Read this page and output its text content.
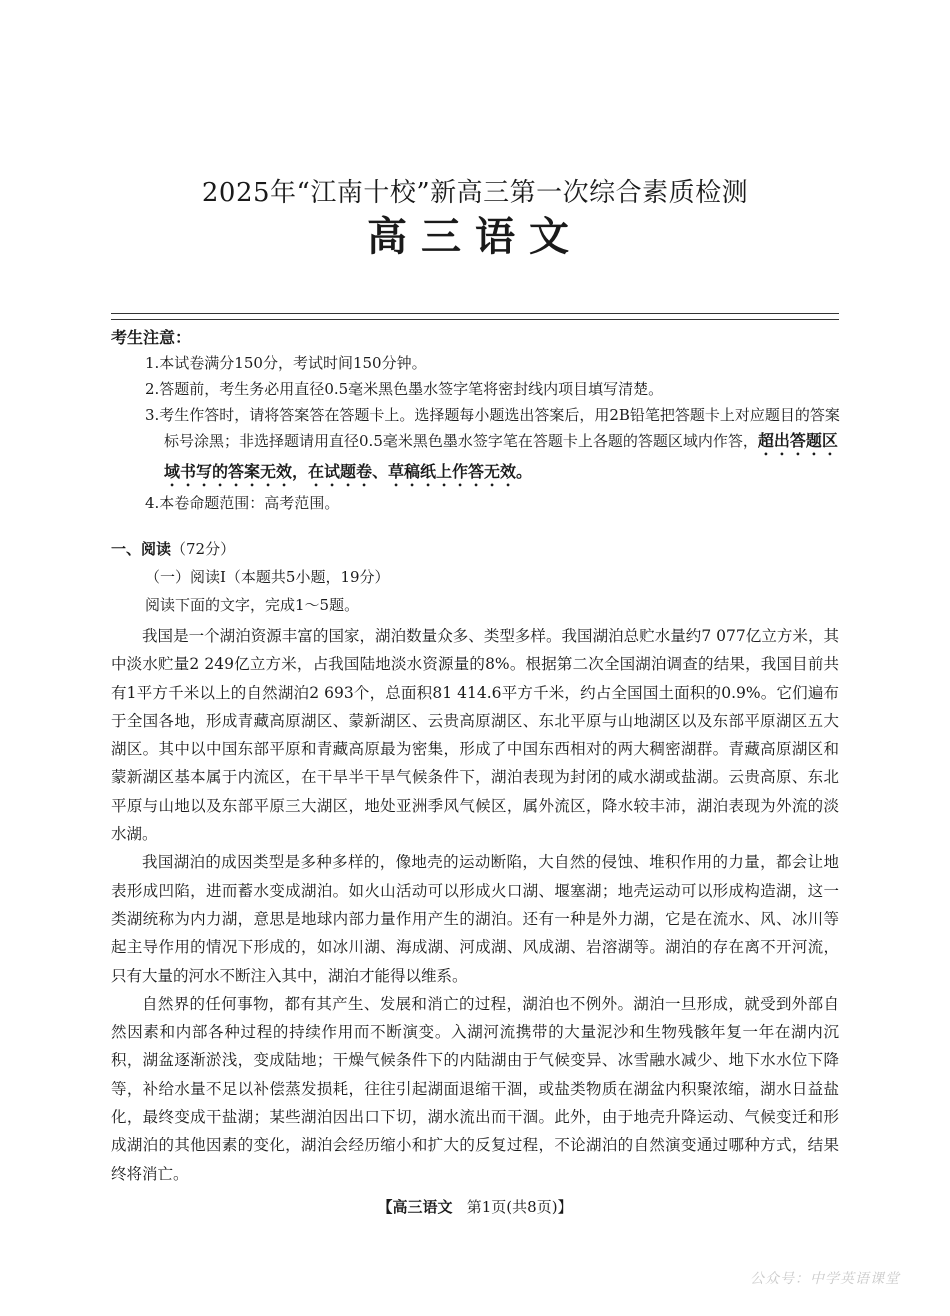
2025年“江南十校”新高三第一次综合素质检测
高三语文
考生注意：
1.本试卷满分150分，考试时间150分钟。
2.答题前，考生务必用直径0.5毫米黑色墨水签字笔将密封线内项目填写清楚。
3.考生作答时，请将答案答在答题卡上。选择题每小题选出答案后，用2B铅笔把答题卡上对应题目的答案标号涂黑；非选择题请用直径0.5毫米黑色墨水签字笔在答题卡上各题的答题区域内作答，超出答题区域书写的答案无效，在试题卷、草稿纸上作答无效。
4.本卷命题范围：高考范围。
一、阅读（72分）
（一）阅读Ⅰ（本题共5小题，19分）
阅读下面的文字，完成1～5题。

我国是一个湖泊资源丰富的国家，湖泊数量众多、类型多样。我国湖泊总贮水量约7 077亿立方米，其中淡水贮量2 249亿立方米，占我国陆地淡水资源量的8%。根据第二次全国湖泊调查的结果，我国目前共有1平方千米以上的自然湖泊2 693个，总面积81 414.6平方千米，约占全国国土面积的0.9%。它们遍布于全国各地，形成青藏高原湖区、蒙新湖区、云贵高原湖区、东北平原与山地湖区以及东部平原湖区五大湖区。其中以中国东部平原和青藏高原最为密集，形成了中国东西相对的两大稠密湖群。青藏高原湖区和蒙新湖区基本属于内流区，在干旱半干旱气候条件下，湖泊表现为封闭的咸水湖或盐湖。云贵高原、东北平原与山地以及东部平原三大湖区，地处亚洲季风气候区，属外流区，降水较丰沛，湖泊表现为外流的淡水湖。

我国湖泊的成因类型是多种多样的，像地壳的运动断陷，大自然的侵蚀、堆积作用的力量，都会让地表形成凹陷，进而蓄水变成湖泊。如火山活动可以形成火口湖、堰塞湖；地壳运动可以形成构造湖，这一类湖统称为内力湖，意思是地球内部力量作用产生的湖泊。还有一种是外力湖，它是在流水、风、冰川等起主导作用的情况下形成的，如冰川湖、海成湖、河成湖、风成湖、岩溶湖等。湖泊的存在离不开河流，只有大量的河水不断注入其中，湖泊才能得以维系。

自然界的任何事物，都有其产生、发展和消亡的过程，湖泊也不例外。湖泊一旦形成，就受到外部自然因素和内部各种过程的持续作用而不断演变。入湖河流携带的大量泥沙和生物残骸年复一年在湖内沉积，湖盆逐渐淤浅，变成陆地；干燥气候条件下的内陆湖由于气候变异、冰雪融水减少、地下水水位下降等，补给水量不足以补偿蒸发损耗，往往引起湖面退缩干涸，或盐类物质在湖盆内积聚浓缩，湖水日益盐化，最终变成干盐湖；某些湖泊因出口下切，湖水流出而干涸。此外，由于地壳升降运动、气候变迁和形成湖泊的其他因素的变化，湖泊会经历缩小和扩大的反复过程，不论湖泊的自然演变通过哪种方式，结果终将消亡。

【高三语文 第1页(共8页)】
公众号：中学英语课堂
